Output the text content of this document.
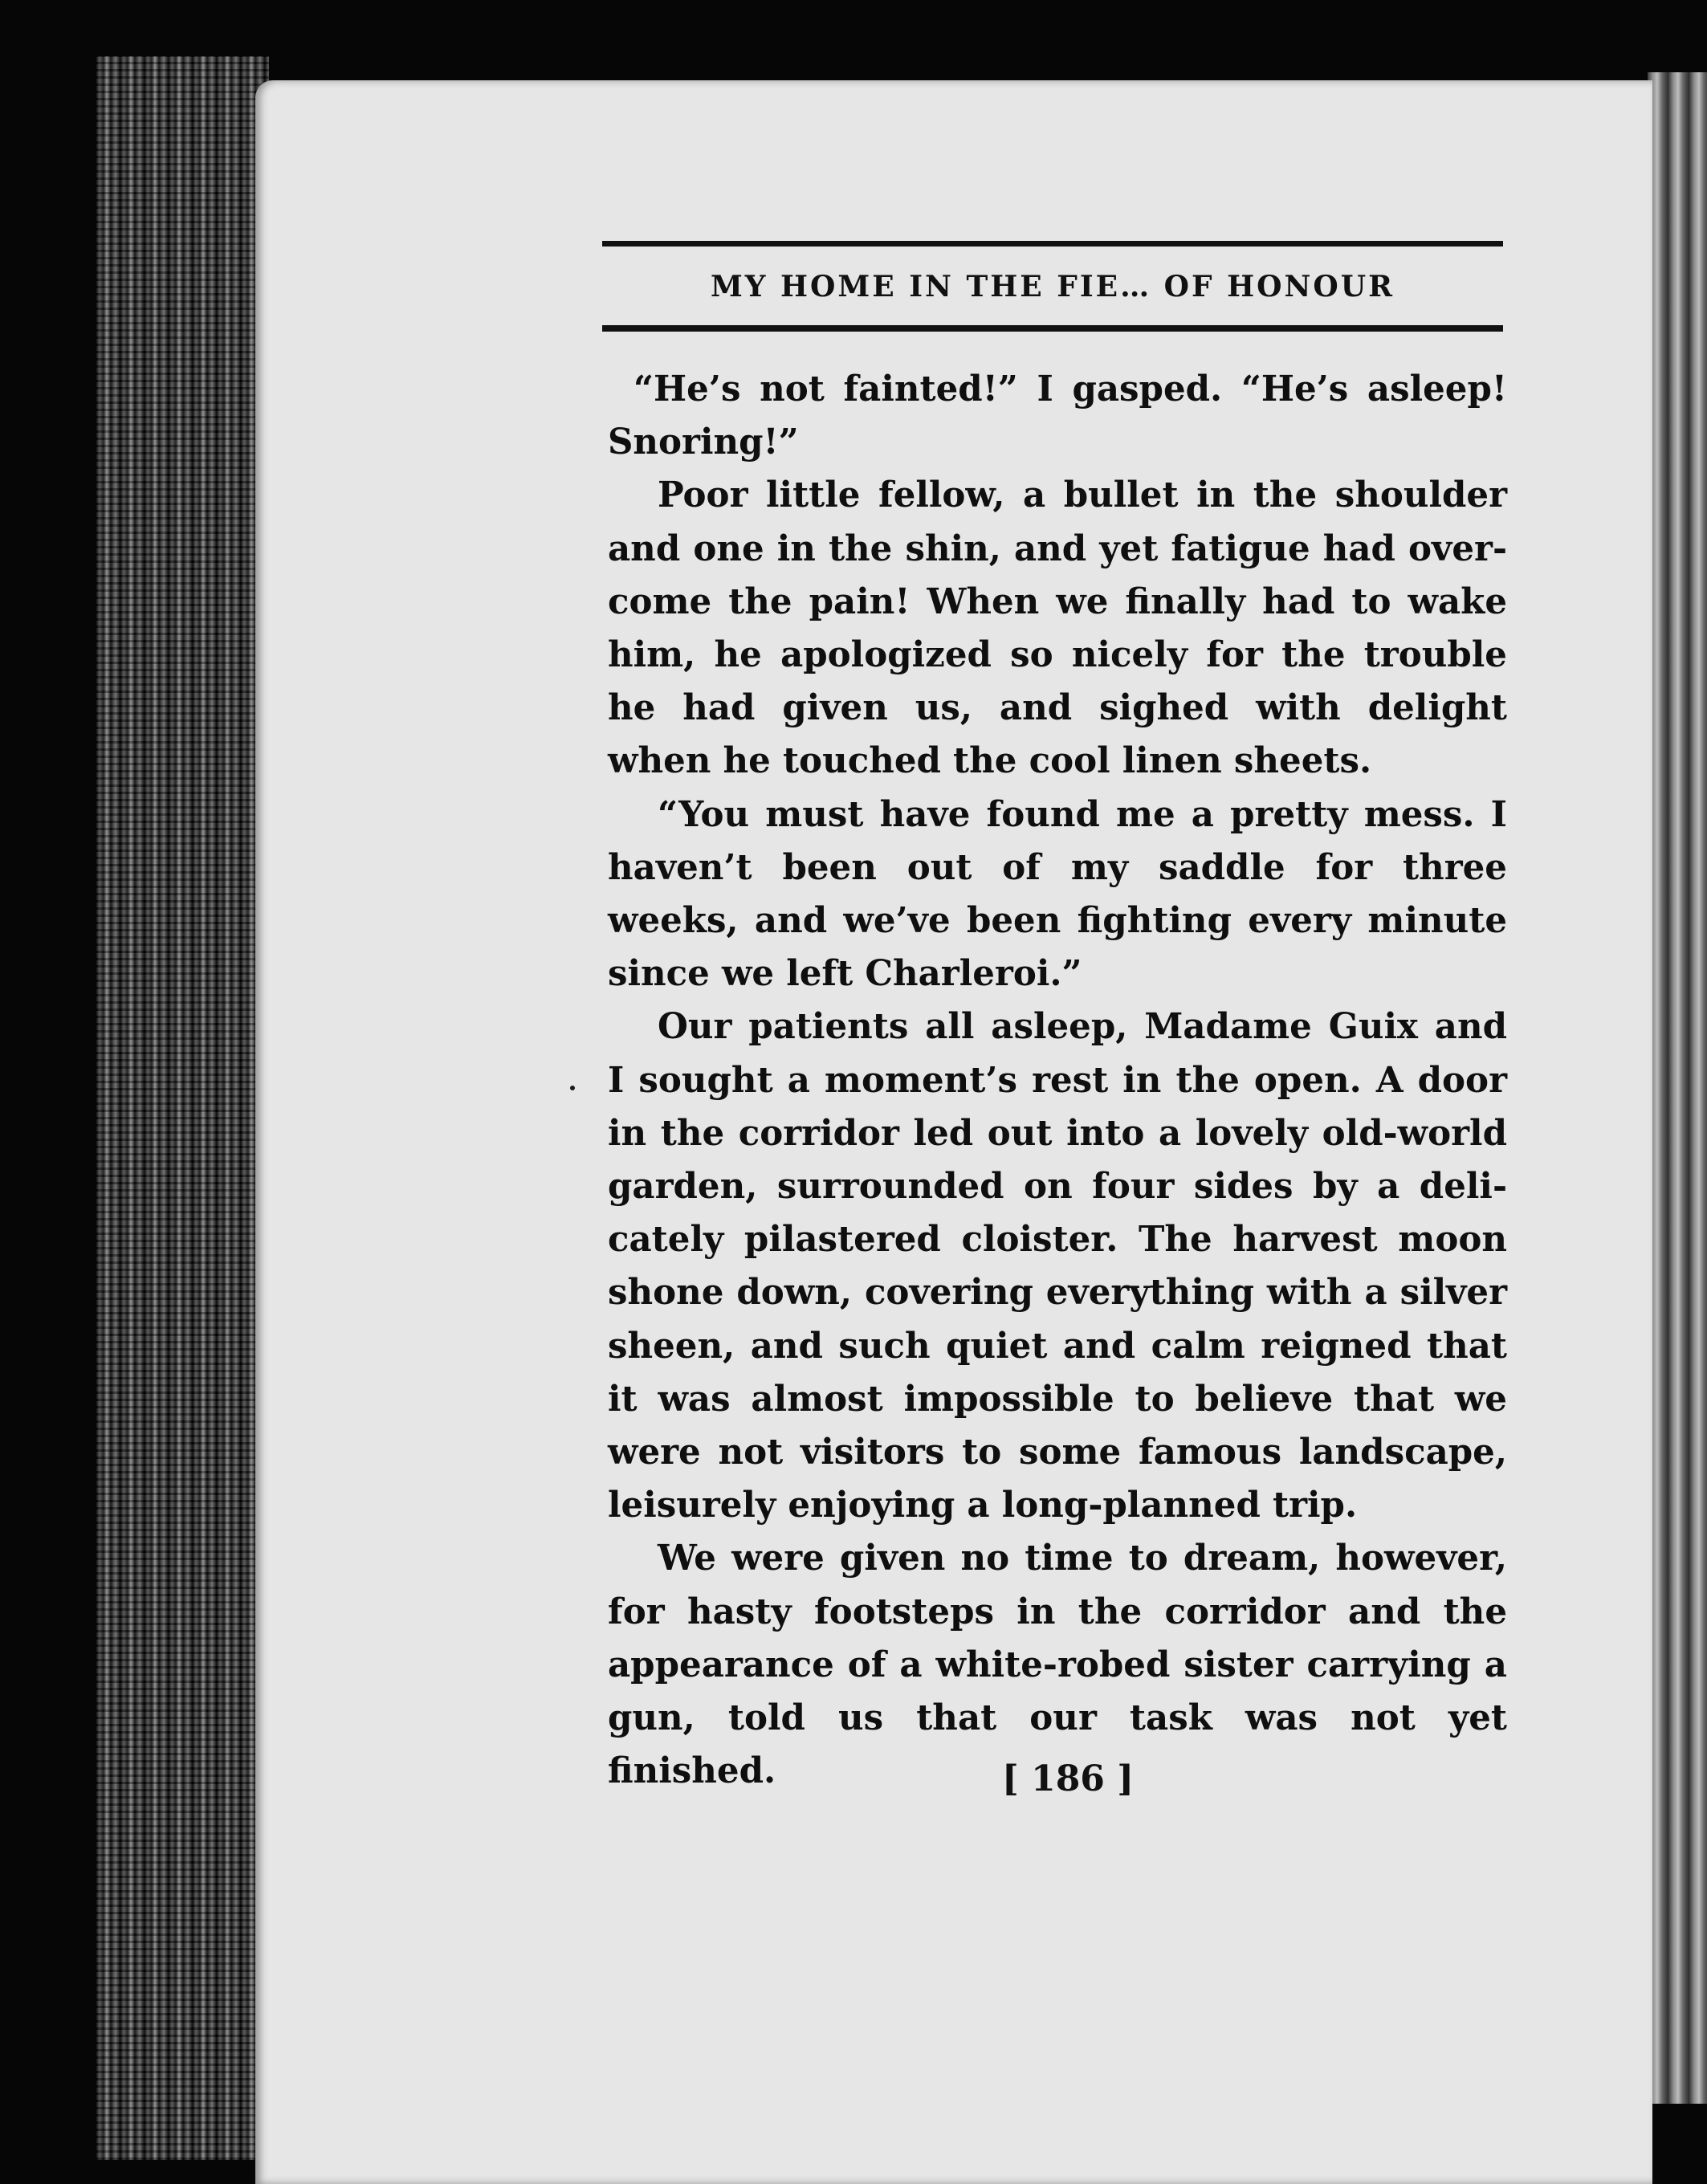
MY HOME IN THE FIE… OF HONOUR

“He’s not fainted!” I gasped. “He’s asleep! Snoring!”

Poor little fellow, a bullet in the shoulder and one in the shin, and yet fatigue had overcome the pain! When we finally had to wake him, he apologized so nicely for the trouble he had given us, and sighed with delight when he touched the cool linen sheets.

“You must have found me a pretty mess. I haven’t been out of my saddle for three weeks, and we’ve been fighting every minute since we left Charleroi.”

Our patients all asleep, Madame Guix and I sought a moment’s rest in the open. A door in the corridor led out into a lovely old-world garden, surrounded on four sides by a delicately pilastered cloister. The harvest moon shone down, covering everything with a silver sheen, and such quiet and calm reigned that it was almost impossible to believe that we were not visitors to some famous landscape, leisurely enjoying a long-planned trip.

We were given no time to dream, however, for hasty footsteps in the corridor and the appearance of a white-robed sister carrying a gun, told us that our task was not yet finished.	[ 186 ]
